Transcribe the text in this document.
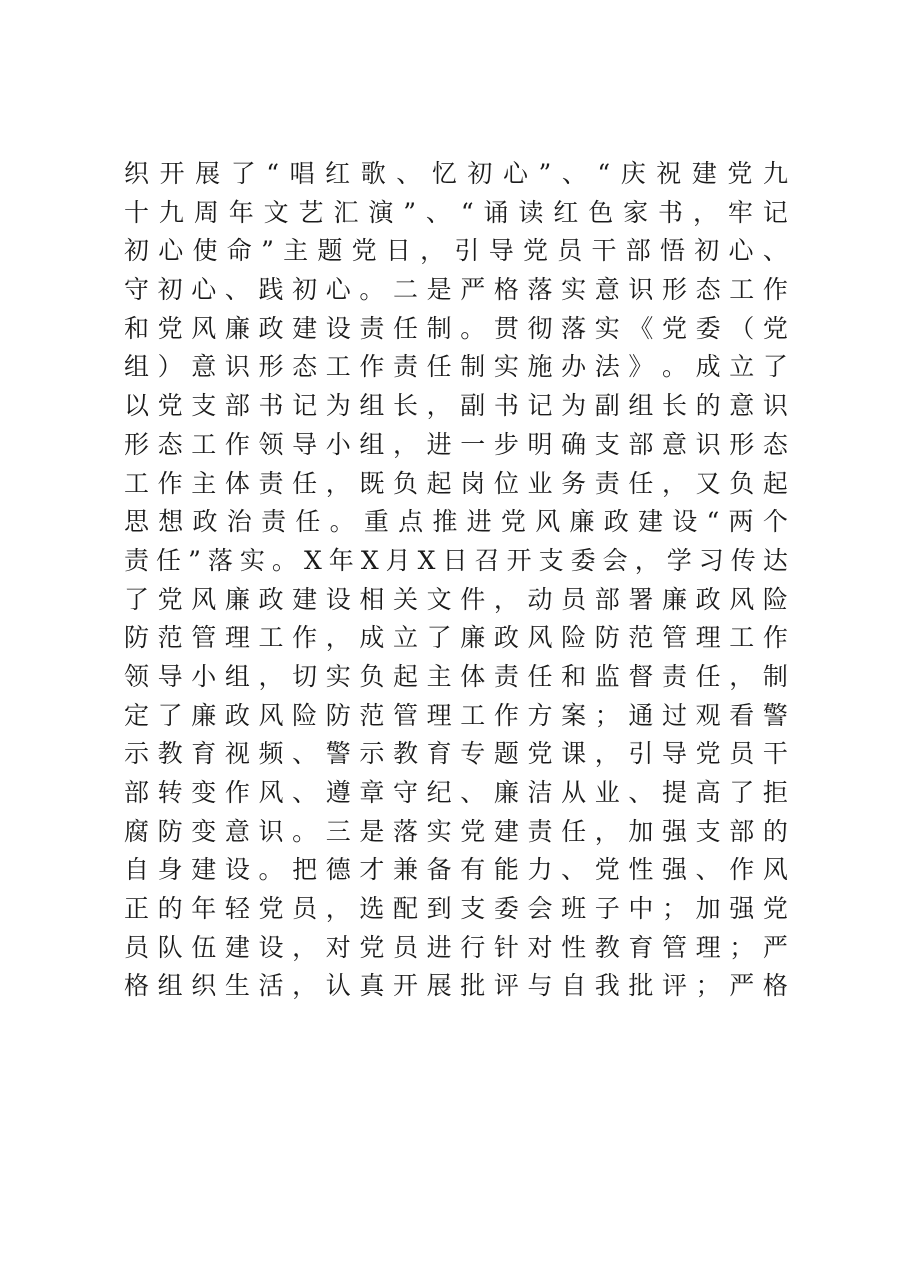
织 开 展 了 “ 唱 红 歌 、 忆 初 心 ” 、 “ 庆 祝 建 党 九
十 九 周 年 文 艺 汇 演 ” 、 “ 诵 读 红 色 家 书 ， 牢 记
初 心 使 命 ” 主 题 党 日 ， 引 导 党 员 干 部 悟 初 心 、
守 初 心 、 践 初 心 。 二 是 严 格 落 实 意 识 形 态 工 作
和 党 风 廉 政 建 设 责 任 制 。 贯 彻 落 实 《 党 委 （ 党
组 ） 意 识 形 态 工 作 责 任 制 实 施 办 法 》 。 成 立 了
以 党 支 部 书 记 为 组 长 ， 副 书 记 为 副 组 长 的 意 识
形 态 工 作 领 导 小 组 ， 进 一 步 明 确 支 部 意 识 形 态
工 作 主 体 责 任 ， 既 负 起 岗 位 业 务 责 任 ， 又 负 起
思 想 政 治 责 任 。 重 点 推 进 党 风 廉 政 建 设 “ 两 个
责 任 ” 落 实 。 X 年 X 月 X 日 召 开 支 委 会 ， 学 习 传 达
了 党 风 廉 政 建 设 相 关 文 件 ， 动 员 部 署 廉 政 风 险
防 范 管 理 工 作 ， 成 立 了 廉 政 风 险 防 范 管 理 工 作
领 导 小 组 ， 切 实 负 起 主 体 责 任 和 监 督 责 任 ， 制
定 了 廉 政 风 险 防 范 管 理 工 作 方 案 ； 通 过 观 看 警
示 教 育 视 频 、 警 示 教 育 专 题 党 课 ， 引 导 党 员 干
部 转 变 作 风 、 遵 章 守 纪 、 廉 洁 从 业 、 提 高 了 拒
腐 防 变 意 识 。 三 是 落 实 党 建 责 任 ， 加 强 支 部 的
自 身 建 设 。 把 德 才 兼 备 有 能 力 、 党 性 强 、 作 风
正 的 年 轻 党 员 ， 选 配 到 支 委 会 班 子 中 ； 加 强 党
员 队 伍 建 设 ， 对 党 员 进 行 针 对 性 教 育 管 理 ； 严
格 组 织 生 活 ， 认 真 开 展 批 评 与 自 我 批 评 ； 严 格
